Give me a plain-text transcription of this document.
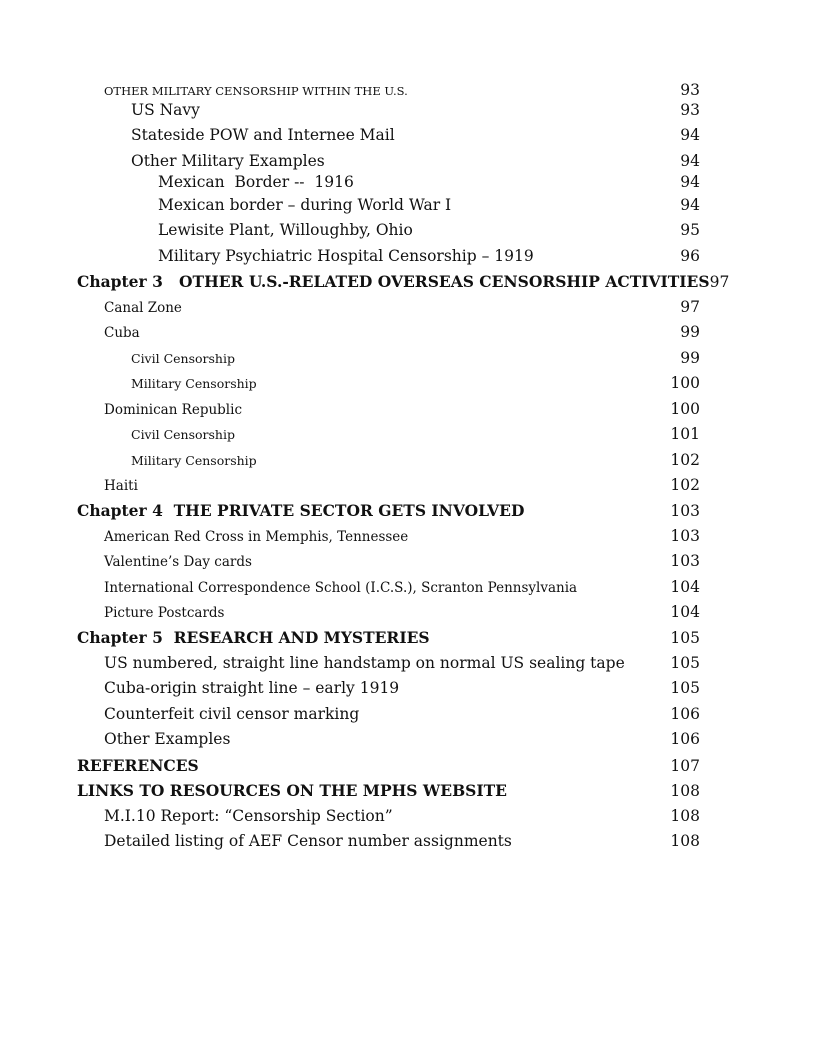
OTHER MILITARY CENSORSHIP WITHIN THE U.S.	93
US Navy	93
Stateside POW and Internee Mail	94
Other Military Examples	94
Mexican  Border --  1916	94
Mexican border – during World War I	94
Lewisite Plant, Willoughby, Ohio	95
Military Psychiatric Hospital Censorship – 1919	96
Chapter 3   OTHER U.S.-RELATED OVERSEAS CENSORSHIP ACTIVITIES 97
Canal Zone	97
Cuba	99
Civil Censorship	99
Military Censorship	100
Dominican Republic	100
Civil Censorship	101
Military Censorship	102
Haiti	102
Chapter 4  THE PRIVATE SECTOR GETS INVOLVED	103
American Red Cross in Memphis, Tennessee	103
Valentine’s Day cards	103
International Correspondence School (I.C.S.), Scranton Pennsylvania	104
Picture Postcards	104
Chapter 5  RESEARCH AND MYSTERIES	105
US numbered, straight line handstamp on normal US sealing tape	105
Cuba-origin straight line – early 1919	105
Counterfeit civil censor marking	106
Other Examples	106
REFERENCES	107
LINKS TO RESOURCES ON THE MPHS WEBSITE	108
M.I.10 Report: “Censorship Section”	108
Detailed listing of AEF Censor number assignments	108
